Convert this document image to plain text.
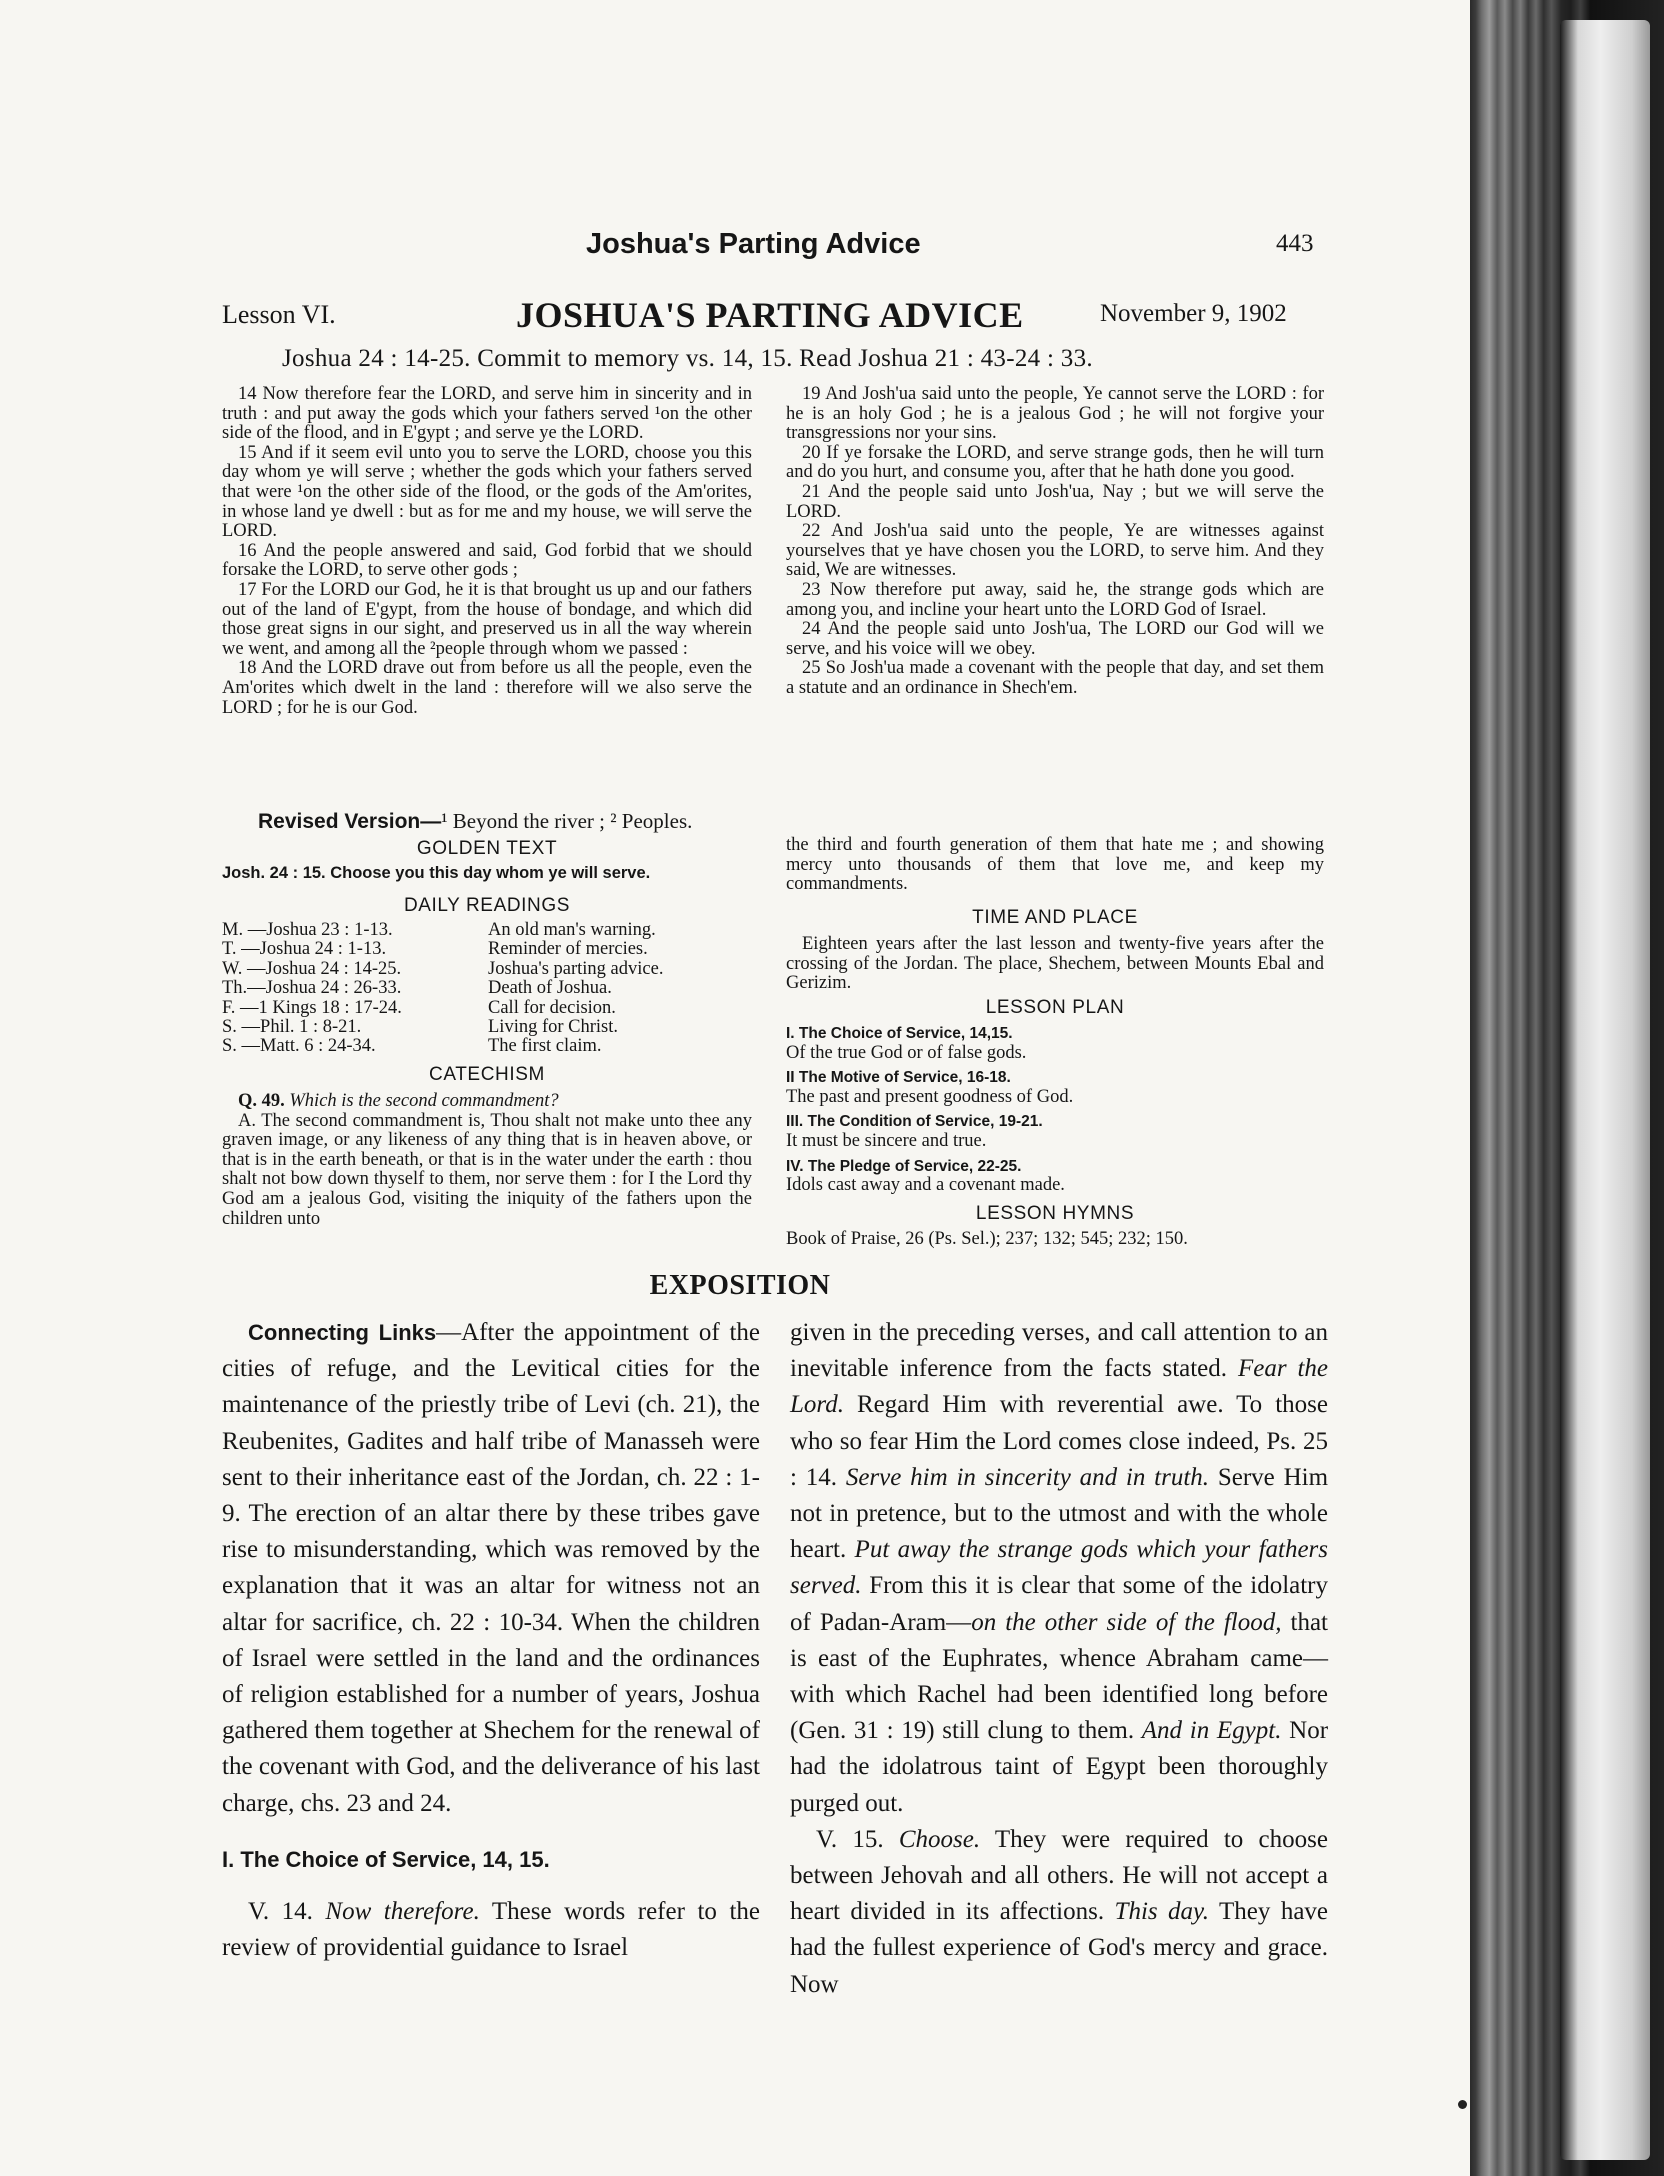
Joshua's Parting Advice	443
Lesson VI.	JOSHUA'S PARTING ADVICE	November 9, 1902
Joshua 24 : 14-25. Commit to memory vs. 14, 15. Read Joshua 21 : 43-24 : 33.

14 Now therefore fear the LORD, and serve him in sincerity and in truth : and put away the gods which your fathers served ¹on the other side of the flood, and in E'gypt ; and serve ye the LORD.

15 And if it seem evil unto you to serve the LORD, choose you this day whom ye will serve ; whether the gods which your fathers served that were ¹on the other side of the flood, or the gods of the Am'orites, in whose land ye dwell : but as for me and my house, we will serve the LORD.

16 And the people answered and said, God forbid that we should forsake the LORD, to serve other gods ;

17 For the LORD our God, he it is that brought us up and our fathers out of the land of E'gypt, from the house of bondage, and which did those great signs in our sight, and preserved us in all the way wherein we went, and among all the ²people through whom we passed :

18 And the LORD drave out from before us all the people, even the Am'orites which dwelt in the land : therefore will we also serve the LORD ; for he is our God.

19 And Josh'ua said unto the people, Ye cannot serve the LORD : for he is an holy God ; he is a jealous God ; he will not forgive your transgressions nor your sins.

20 If ye forsake the LORD, and serve strange gods, then he will turn and do you hurt, and consume you, after that he hath done you good.

21 And the people said unto Josh'ua, Nay ; but we will serve the LORD.

22 And Josh'ua said unto the people, Ye are witnesses against yourselves that ye have chosen you the LORD, to serve him. And they said, We are witnesses.

23 Now therefore put away, said he, the strange gods which are among you, and incline your heart unto the LORD God of Israel.

24 And the people said unto Josh'ua, The LORD our God will we serve, and his voice will we obey.

25 So Josh'ua made a covenant with the people that day, and set them a statute and an ordinance in Shech'em.

Revised Version—¹ Beyond the river ; ² Peoples.
GOLDEN TEXT
Josh. 24 : 15. Choose you this day whom ye will serve.
DAILY READINGS
M. —Joshua 23 : 1-13.	An old man's warning.
T. —Joshua 24 : 1-13.	Reminder of mercies.
W. —Joshua 24 : 14-25.	Joshua's parting advice.
Th.—Joshua 24 : 26-33.	Death of Joshua.
F. —1 Kings 18 : 17-24.	Call for decision.
S. —Phil. 1 : 8-21.	Living for Christ.
S. —Matt. 6 : 24-34.	The first claim.
CATECHISM

Q. 49. Which is the second commandment?

A. The second commandment is, Thou shalt not make unto thee any graven image, or any likeness of any thing that is in heaven above, or that is in the earth beneath, or that is in the water under the earth : thou shalt not bow down thyself to them, nor serve them : for I the Lord thy God am a jealous God, visiting the iniquity of the fathers upon the children unto

the third and fourth generation of them that hate me ; and showing mercy unto thousands of them that love me, and keep my commandments.
TIME AND PLACE

Eighteen years after the last lesson and twenty-five years after the crossing of the Jordan. The place, Shechem, between Mounts Ebal and Gerizim.

LESSON PLAN
I. The Choice of Service, 14,15.
Of the true God or of false gods.
II The Motive of Service, 16-18.
The past and present goodness of God.
III. The Condition of Service, 19-21.
It must be sincere and true.
IV. The Pledge of Service, 22-25.
Idols cast away and a covenant made.
LESSON HYMNS
Book of Praise, 26 (Ps. Sel.); 237; 132; 545; 232; 150.
EXPOSITION

Connecting Links—After the appointment of the cities of refuge, and the Levitical cities for the maintenance of the priestly tribe of Levi (ch. 21), the Reubenites, Gadites and half tribe of Manasseh were sent to their inheritance east of the Jordan, ch. 22 : 1-9. The erection of an altar there by these tribes gave rise to misunderstanding, which was removed by the explanation that it was an altar for witness not an altar for sacrifice, ch. 22 : 10-34. When the children of Israel were settled in the land and the ordinances of religion established for a number of years, Joshua gathered them together at Shechem for the renewal of the covenant with God, and the deliverance of his last charge, chs. 23 and 24.

I. The Choice of Service, 14, 15.

V. 14. Now therefore. These words refer to the review of providential guidance to Israel

given in the preceding verses, and call attention to an inevitable inference from the facts stated. Fear the Lord. Regard Him with reverential awe. To those who so fear Him the Lord comes close indeed, Ps. 25 : 14. Serve him in sincerity and in truth. Serve Him not in pretence, but to the utmost and with the whole heart. Put away the strange gods which your fathers served. From this it is clear that some of the idolatry of Padan-Aram—on the other side of the flood, that is east of the Euphrates, whence Abraham came—with which Rachel had been identified long before (Gen. 31 : 19) still clung to them. And in Egypt. Nor had the idolatrous taint of Egypt been thoroughly purged out.

V. 15. Choose. They were required to choose between Jehovah and all others. He will not accept a heart divided in its affections. This day. They have had the fullest experience of God's mercy and grace. Now
